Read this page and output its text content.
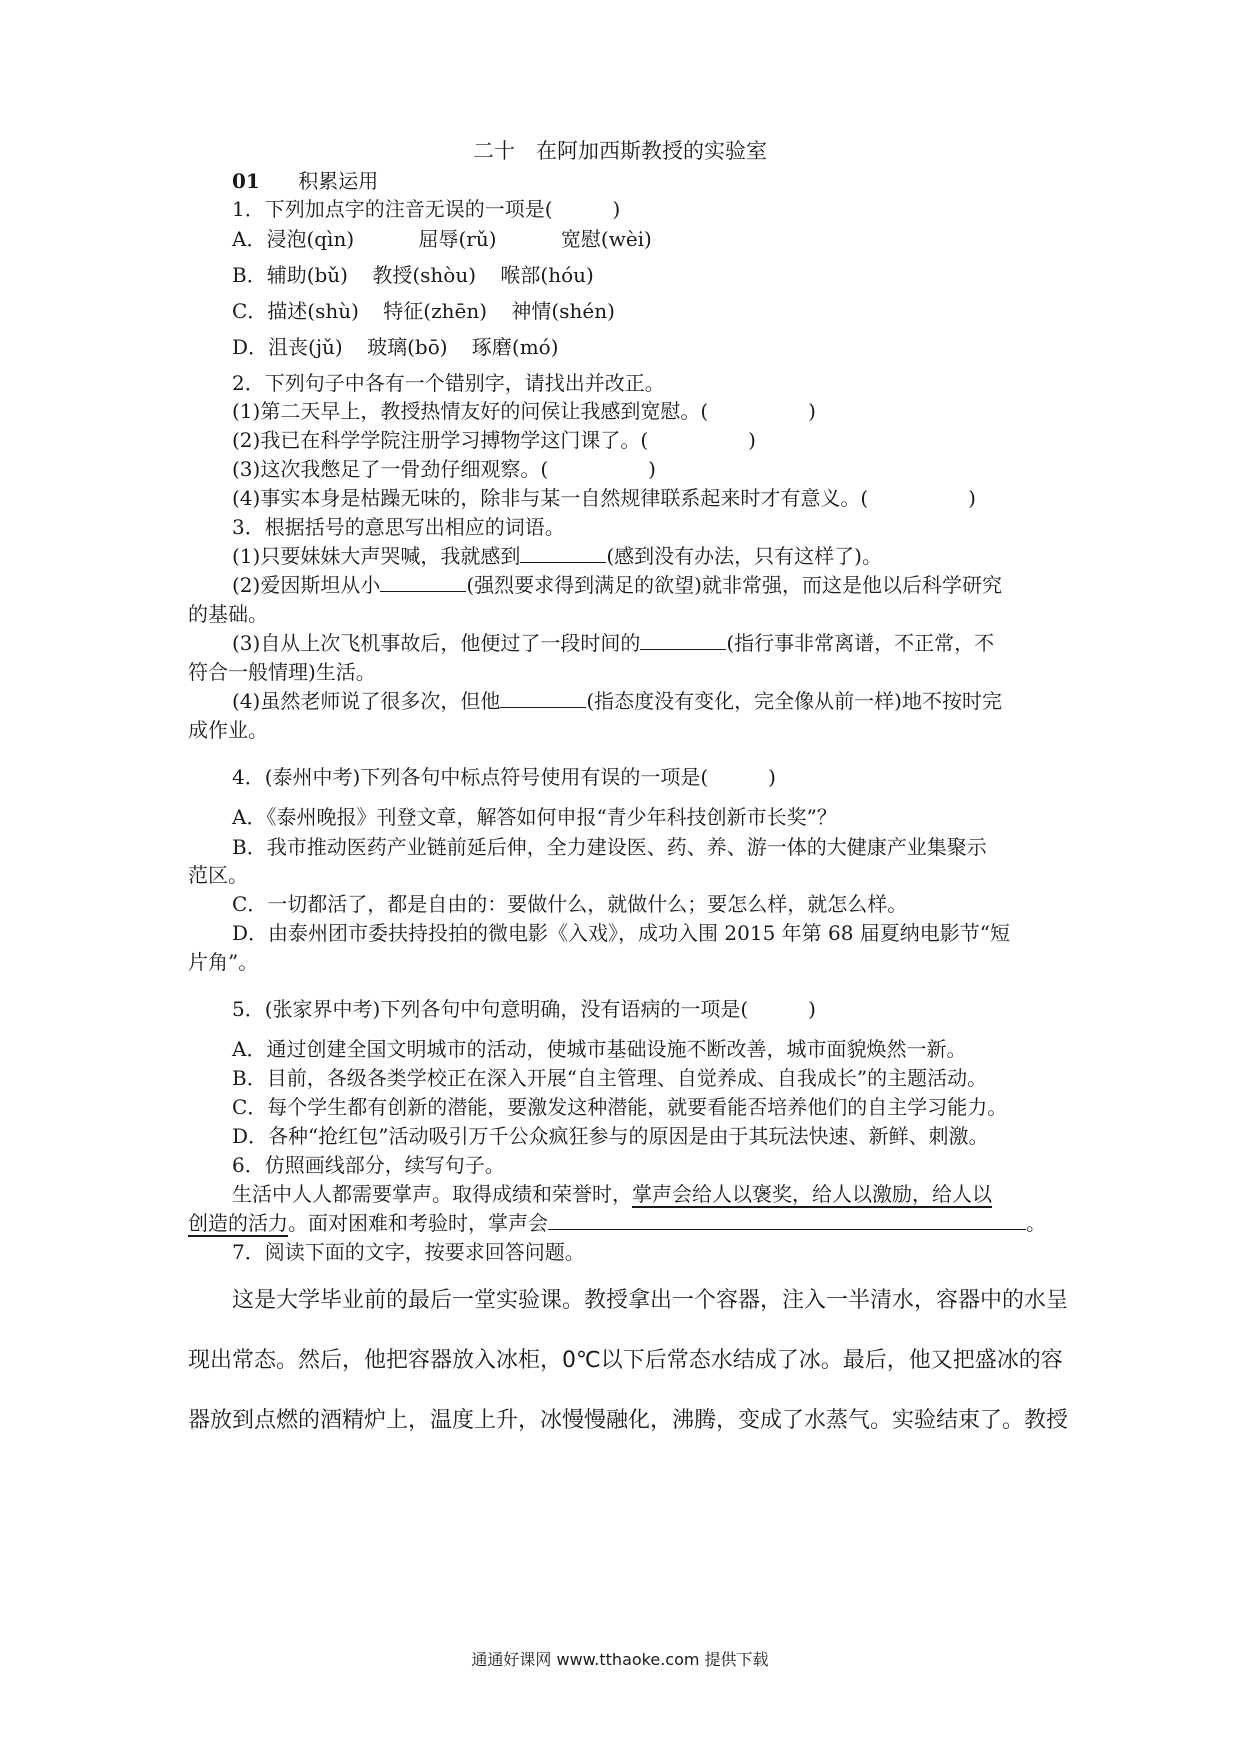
二十　在阿加西斯教授的实验室
01 积累运用
1．下列加点字的注音无误的一项是(　　　)
A．浸泡(qìn)	屈辱(rǔ)	宽慰(wèi)
B．辅助(bǔ) 教授(shòu) 喉部(hóu)
C．描述(shù) 特征(zhēn) 神情(shén)
D．沮丧(jǔ) 玻璃(bō) 琢磨(mó)
2．下列句子中各有一个错别字，请找出并改正。
(1)第二天早上，教授热情友好的问侯让我感到宽慰。(　　　　　)
(2)我已在科学学院注册学习搏物学这门课了。(　　　　　)
(3)这次我憋足了一骨劲仔细观察。(　　　　　)
(4)事实本身是枯躁无味的，除非与某一自然规律联系起来时才有意义。(　　　　　)
3．根据括号的意思写出相应的词语。
(1)只要妹妹大声哭喊，我就感到	(感到没有办法，只有这样了)。
(2)爱因斯坦从小	(强烈要求得到满足的欲望)就非常强，而这是他以后科学研究
的基础。
(3)自从上次飞机事故后，他便过了一段时间的	(指行事非常离谱，不正常，不
符合一般情理)生活。
(4)虽然老师说了很多次，但他	(指态度没有变化，完全像从前一样)地不按时完
成作业。
4．(泰州中考)下列各句中标点符号使用有误的一项是(　　　)
A．《泰州晚报》刊登文章，解答如何申报“青少年科技创新市长奖”？
B．我市推动医药产业链前延后伸，全力建设医、药、养、游一体的大健康产业集聚示
范区。
C．一切都活了，都是自由的：要做什么，就做什么；要怎么样，就怎么样。
D．由泰州团市委扶持投拍的微电影《入戏》，成功入围 2015 年第 68 届夏纳电影节“短
片角”。
5．(张家界中考)下列各句中句意明确，没有语病的一项是(　　　)
A．通过创建全国文明城市的活动，使城市基础设施不断改善，城市面貌焕然一新。
B．目前，各级各类学校正在深入开展“自主管理、自觉养成、自我成长”的主题活动。
C．每个学生都有创新的潜能，要激发这种潜能，就要看能否培养他们的自主学习能力。
D．各种“抢红包”活动吸引万千公众疯狂参与的原因是由于其玩法快速、新鲜、刺激。
6．仿照画线部分，续写句子。
生活中人人都需要掌声。取得成绩和荣誉时，掌声会给人以褒奖，给人以激励，给人以
创造的活力。面对困难和考验时，掌声会	。
7．阅读下面的文字，按要求回答问题。
这是大学毕业前的最后一堂实验课。教授拿出一个容器，注入一半清水，容器中的水呈
现出常态。然后，他把容器放入冰柜，0℃以下后常态水结成了冰。最后，他又把盛冰的容
器放到点燃的酒精炉上，温度上升，冰慢慢融化，沸腾，变成了水蒸气。实验结束了。教授
通通好课网 www.tthaoke.com 提供下载
